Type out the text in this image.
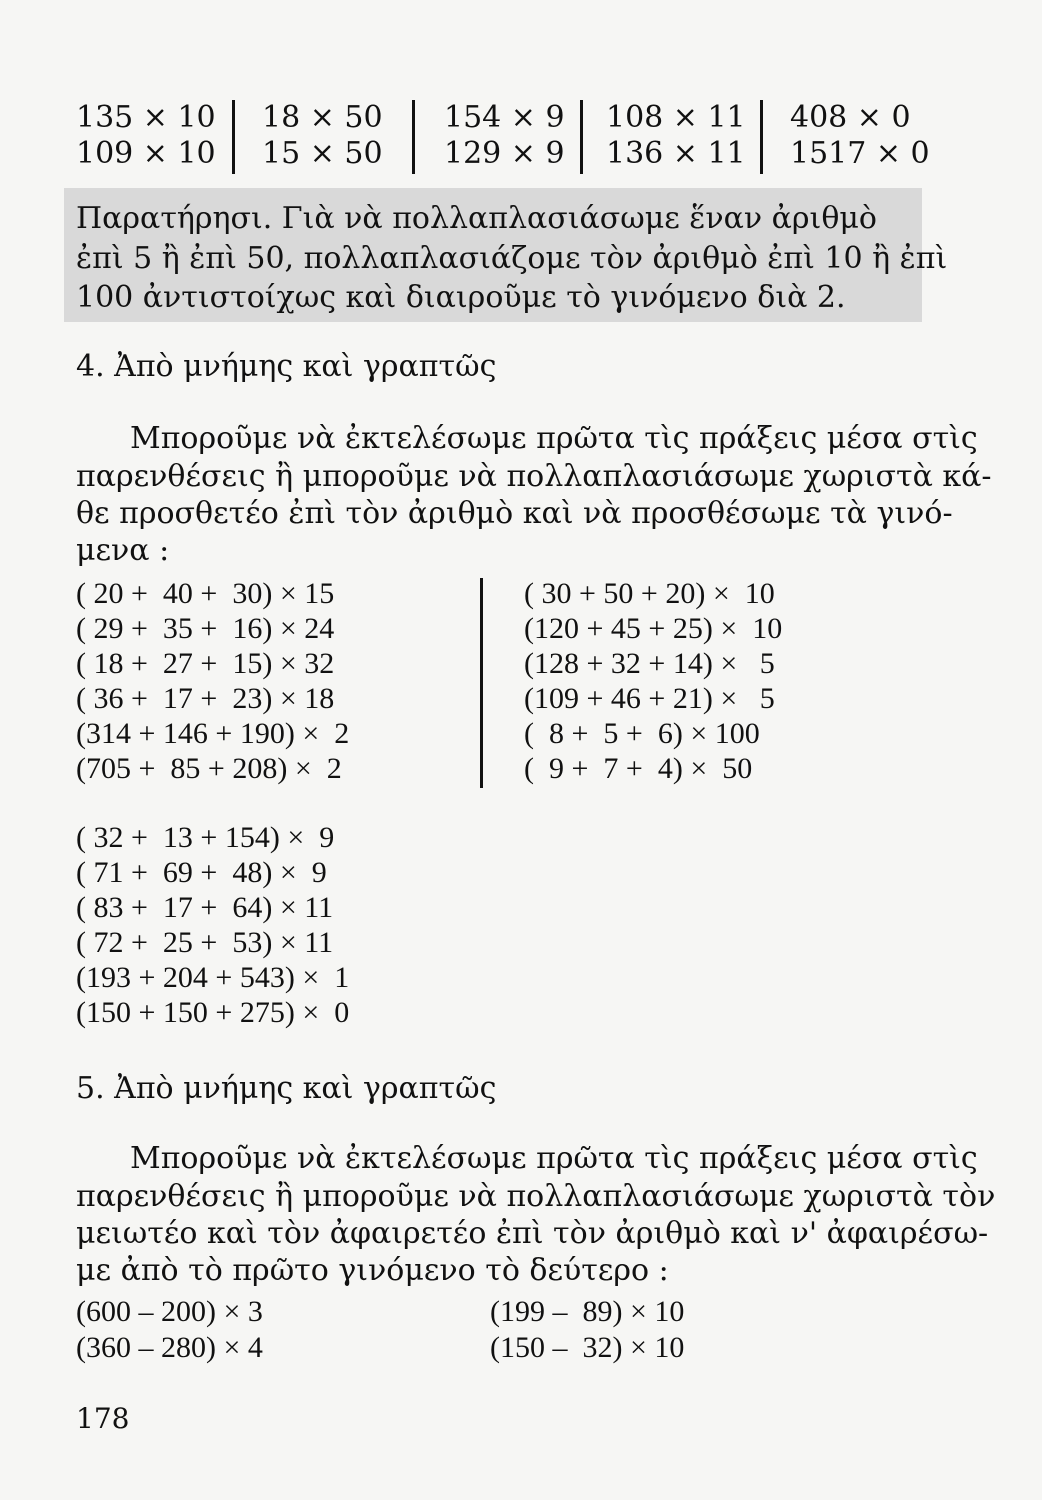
135 × 10
109 × 10
18 × 50
15 × 50
154 × 9
129 × 9
108 × 11
136 × 11
408 × 0
1517 × 0
Παρατήρησι. Γιὰ νὰ πολλαπλασιάσωμε ἕναν ἀριθμὸ
ἐπὶ 5 ἢ ἐπὶ 50, πολλαπλασιάζομε τὸν ἀριθμὸ ἐπὶ 10 ἢ ἐπὶ
100 ἀντιστοίχως καὶ διαιροῦμε τὸ γινόμενο διὰ 2.
4. Ἀπὸ μνήμης καὶ γραπτῶς
Μποροῦμε νὰ ἐκτελέσωμε πρῶτα τὶς πράξεις μέσα στὶς
παρενθέσεις ἢ μποροῦμε νὰ πολλαπλασιάσωμε χωριστὰ κά-
θε προσθετέο ἐπὶ τὸν ἀριθμὸ καὶ νὰ προσθέσωμε τὰ γινό-
μενα :
( 20 +  40 +  30) × 15
( 29 +  35 +  16) × 24
( 18 +  27 +  15) × 32
( 36 +  17 +  23) × 18
(314 + 146 + 190) ×  2
(705 +  85 + 208) ×  2
( 30 + 50 + 20) ×  10
(120 + 45 + 25) ×  10
(128 + 32 + 14) ×   5
(109 + 46 + 21) ×   5
(  8 +  5 +  6) × 100
(  9 +  7 +  4) ×  50
( 32 +  13 + 154) ×  9
( 71 +  69 +  48) ×  9
( 83 +  17 +  64) × 11
( 72 +  25 +  53) × 11
(193 + 204 + 543) ×  1
(150 + 150 + 275) ×  0
5. Ἀπὸ μνήμης καὶ γραπτῶς
Μποροῦμε νὰ ἐκτελέσωμε πρῶτα τὶς πράξεις μέσα στὶς
παρενθέσεις ἢ μποροῦμε νὰ πολλαπλασιάσωμε χωριστὰ τὸν
μειωτέο καὶ τὸν ἀφαιρετέο ἐπὶ τὸν ἀριθμὸ καὶ ν' ἀφαιρέσω-
με ἀπὸ τὸ πρῶτο γινόμενο τὸ δεύτερο :
(600 – 200) × 3
(360 – 280) × 4
(199 –  89) × 10
(150 –  32) × 10
178
